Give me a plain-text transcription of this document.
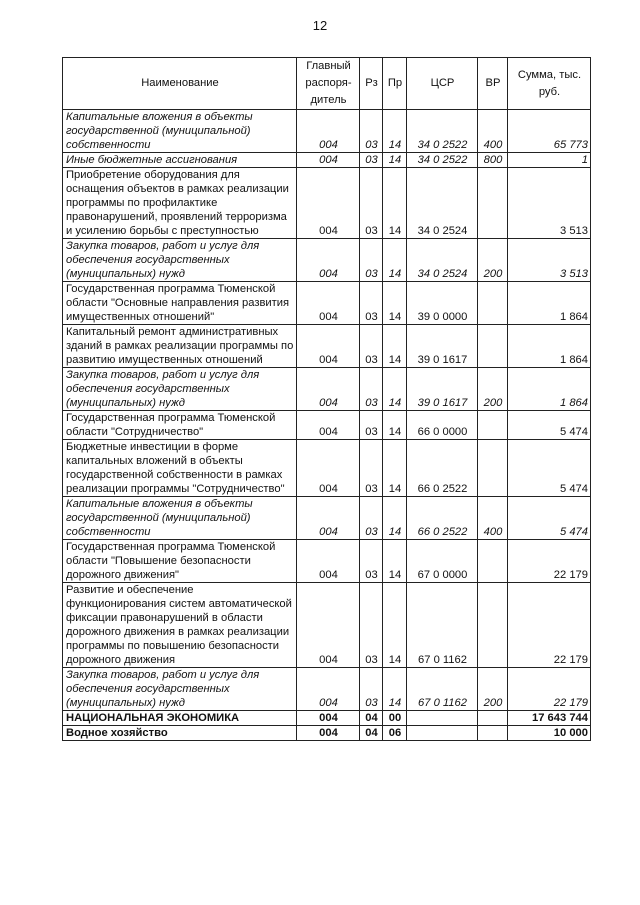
12
Наименование	Главный распоря-дитель	Рз	Пр	ЦСР	ВР	Сумма, тыс. руб.
Капитальные вложения в объекты государственной (муниципальной) собственности	004	03	14	34 0 2522	400	65 773
Иные бюджетные ассигнования	004	03	14	34 0 2522	800	1
Приобретение оборудования для оснащения объектов в рамках реализации программы по профилактике правонарушений, проявлений терроризма и усилению борьбы с преступностью	004	03	14	34 0 2524		3 513
Закупка товаров, работ и услуг для обеспечения государственных (муниципальных) нужд	004	03	14	34 0 2524	200	3 513
Государственная программа Тюменской области "Основные направления развития имущественных отношений"	004	03	14	39 0 0000		1 864
Капитальный ремонт административных зданий в рамках реализации программы по развитию имущественных отношений	004	03	14	39 0 1617		1 864
Закупка товаров, работ и услуг для обеспечения государственных (муниципальных) нужд	004	03	14	39 0 1617	200	1 864
Государственная программа Тюменской области "Сотрудничество"	004	03	14	66 0 0000		5 474
Бюджетные инвестиции в форме капитальных вложений в объекты государственной собственности в рамках реализации программы "Сотрудничество"	004	03	14	66 0 2522		5 474
Капитальные вложения в объекты государственной (муниципальной) собственности	004	03	14	66 0 2522	400	5 474
Государственная программа Тюменской области "Повышение безопасности дорожного движения"	004	03	14	67 0 0000		22 179
Развитие и обеспечение функционирования систем автоматической фиксации правонарушений в области дорожного движения в рамках реализации программы по повышению безопасности дорожного движения	004	03	14	67 0 1162		22 179
Закупка товаров, работ и услуг для обеспечения государственных (муниципальных) нужд	004	03	14	67 0 1162	200	22 179
НАЦИОНАЛЬНАЯ ЭКОНОМИКА	004	04	00			17 643 744
Водное хозяйство	004	04	06			10 000
